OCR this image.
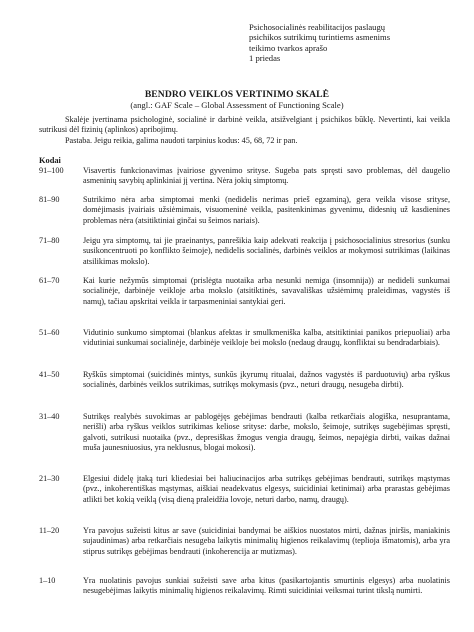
Psichosocialinės reabilitacijos paslaugų
psichikos sutrikimų turintiems asmenims
teikimo tvarkos aprašo
1 priedas
BENDRO VEIKLOS VERTINIMO SKALĖ
(angl.: GAF Scale – Global Assessment of Functioning Scale)

Skalėje įvertinama psichologinė, socialinė ir darbinė veikla, atsižvelgiant į psichikos būklę. Nevertinti, kai veikla sutrikusi dėl fizinių (aplinkos) apribojimų.

Pastaba. Jeigu reikia, galima naudoti tarpinius kodus: 45, 68, 72 ir pan.

Kodai
91–100	Visavertis funkcionavimas įvairiose gyvenimo srityse. Sugeba pats spręsti savo problemas, dėl daugelio asmeninių savybių aplinkiniai jį vertina. Nėra jokių simptomų.
81–90	Sutrikimo nėra arba simptomai menki (nedidelis nerimas prieš egzaminą), gera veikla visose srityse, domėjimasis įvairiais užsiėmimais, visuomeninė veikla, pasitenkinimas gyvenimu, didesnių už kasdienines problemas nėra (atsitiktiniai ginčai su šeimos nariais).
71–80	Jeigu yra simptomų, tai jie praeinantys, panrešikia kaip adekvati reakcija į psichosocialinius stresorius (sunku susikoncentruoti po konflikto šeimoje), nedidelis socialinės, darbinės veiklos ar mokymosi sutrikimas (laikinas atsilikimas mokslo).
61–70	Kai kurie nežymūs simptomai (prislėgta nuotaika arba nesunki nemiga (insomnija)) ar nedideli sunkumai socialinėje, darbinėje veikloje arba mokslo (atsitiktinės, savavališkas užsiėmimų praleidimas, vagystės iš namų), tačiau apskritai veikla ir tarpasmeniniai santykiai geri.
51–60	Vidutinio sunkumo simptomai (blankus afektas ir smulkmeniška kalba, atsitiktiniai panikos priepuoliai) arba vidutiniai sunkumai socialinėje, darbinėje veikloje bei mokslo (nedaug draugų, konfliktai su bendradarbiais).
41–50	Ryškūs simptomai (suicidinės mintys, sunkūs įkyrumų ritualai, dažnos vagystės iš parduotuvių) arba ryškus socialinės, darbinės veiklos sutrikimas, sutrikęs mokymasis (pvz., neturi draugų, nesugeba dirbti).
31–40	Sutrikęs realybės suvokimas ar pablogėjęs gebėjimas bendrauti (kalba retkarčiais alogiška, nesuprantama, nerišli) arba ryškus veiklos sutrikimas keliose srityse: darbe, mokslo, šeimoje, sutrikęs sugebėjimas spręsti, galvoti, sutrikusi nuotaika (pvz., depresiškas žmogus vengia draugų, šeimos, nepajėgia dirbti, vaikas dažnai muša jaunesniuosius, yra neklusnus, blogai mokosi).
21–30	Elgesiui didelę įtaką turi kliedesiai bei haliucinacijos arba sutrikęs gebėjimas bendrauti, sutrikęs mąstymas (pvz., inkoherentiškas mąstymas, aiškiai neadekvatus elgesys, suicidiniai ketinimai) arba prarastas gebėjimas atlikti bet kokią veiklą (visą dieną praleidžia lovoje, neturi darbo, namų, draugų).
11–20	Yra pavojus sužeisti kitus ar save (suicidiniai bandymai be aiškios nuostatos mirti, dažnas įniršis, maniakinis sujaudinimas) arba retkarčiais nesugeba laikytis minimalių higienos reikalavimų (teplioja išmatomis), arba yra stiprus sutrikęs gebėjimas bendrauti (inkoherencija ar mutizmas).
1–10	Yra nuolatinis pavojus sunkiai sužeisti save arba kitus (pasikartojantis smurtinis elgesys) arba nuolatinis nesugebėjimas laikytis minimalių higienos reikalavimų. Rimti suicidiniai veiksmai turint tikslą numirti.
